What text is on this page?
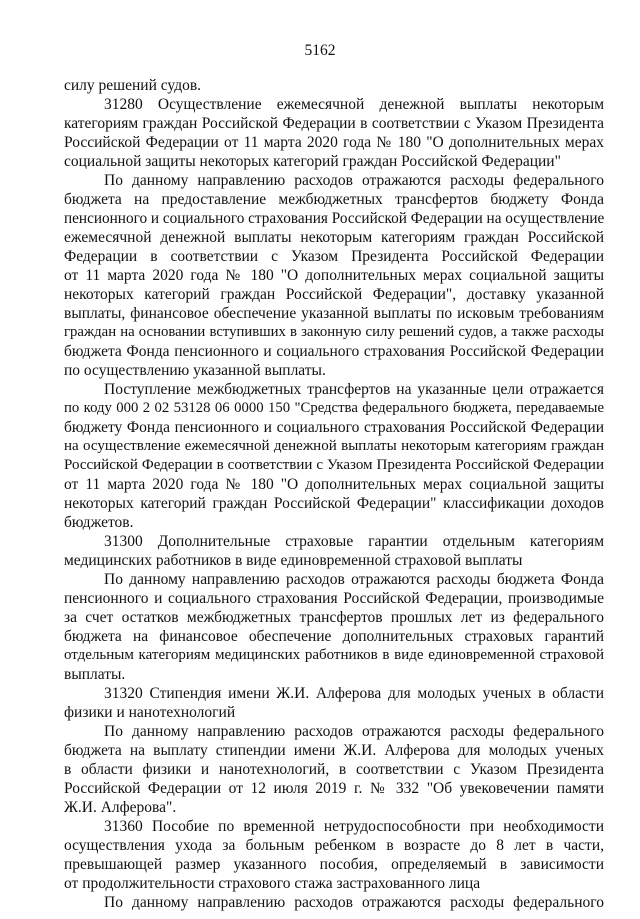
5162
силу решений судов.
31280 Осуществление ежемесячной денежной выплаты некоторым
категориям граждан Российской Федерации в соответствии с Указом Президента
Российской Федерации от 11 марта 2020 года № 180 "О дополнительных мерах
социальной защиты некоторых категорий граждан Российской Федерации"
По данному направлению расходов отражаются расходы федерального
бюджета на предоставление межбюджетных трансфертов бюджету Фонда
пенсионного и социального страхования Российской Федерации на осуществление
ежемесячной денежной выплаты некоторым категориям граждан Российской
Федерации в соответствии с Указом Президента Российской Федерации
от 11 марта 2020 года № 180 "О дополнительных мерах социальной защиты
некоторых категорий граждан Российской Федерации", доставку указанной
выплаты, финансовое обеспечение указанной выплаты по исковым требованиям
граждан на основании вступивших в законную силу решений судов, а также расходы
бюджета Фонда пенсионного и социального страхования Российской Федерации
по осуществлению указанной выплаты.
Поступление межбюджетных трансфертов на указанные цели отражается
по коду 000 2 02 53128 06 0000 150 "Средства федерального бюджета, передаваемые
бюджету Фонда пенсионного и социального страхования Российской Федерации
на осуществление ежемесячной денежной выплаты некоторым категориям граждан
Российской Федерации в соответствии с Указом Президента Российской Федерации
от 11 марта 2020 года № 180 "О дополнительных мерах социальной защиты
некоторых категорий граждан Российской Федерации" классификации доходов
бюджетов.
31300 Дополнительные страховые гарантии отдельным категориям
медицинских работников в виде единовременной страховой выплаты
По данному направлению расходов отражаются расходы бюджета Фонда
пенсионного и социального страхования Российской Федерации, производимые
за счет остатков межбюджетных трансфертов прошлых лет из федерального
бюджета на финансовое обеспечение дополнительных страховых гарантий
отдельным категориям медицинских работников в виде единовременной страховой
выплаты.
31320 Стипендия имени Ж.И. Алферова для молодых ученых в области
физики и нанотехнологий
По данному направлению расходов отражаются расходы федерального
бюджета на выплату стипендии имени Ж.И. Алферова для молодых ученых
в области физики и нанотехнологий, в соответствии с Указом Президента
Российской Федерации от 12 июля 2019 г. № 332 "Об увековечении памяти
Ж.И. Алферова".
31360 Пособие по временной нетрудоспособности при необходимости
осуществления ухода за больным ребенком в возрасте до 8 лет в части,
превышающей размер указанного пособия, определяемый в зависимости
от продолжительности страхового стажа застрахованного лица
По данному направлению расходов отражаются расходы федерального
